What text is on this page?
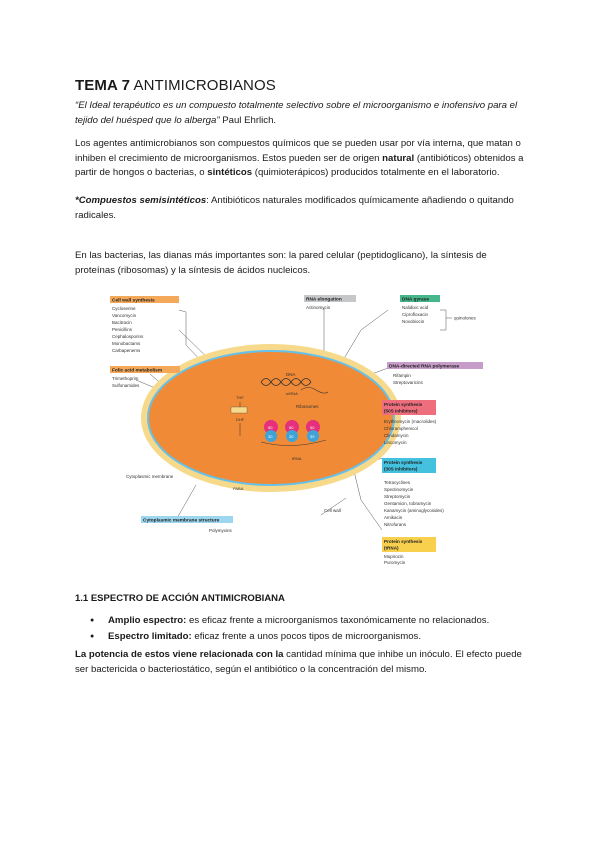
TEMA 7 ANTIMICROBIANOS
“El Ideal terapéutico es un compuesto totalmente selectivo sobre el microorganismo e inofensivo para el tejido del huésped que lo alberga” Paul Ehrlich.
Los agentes antimicrobianos son compuestos químicos que se pueden usar por vía interna, que matan o inhiben el crecimiento de microorganismos. Estos pueden ser de origen natural (antibióticos) obtenidos a partir de hongos o bacterias, o sintéticos (quimioterápicos) producidos totalmente en el laboratorio.
*Compuestos semisintéticos: Antibióticos naturales modificados químicamente añadiendo o quitando radicales.
En las bacterias, las dianas más importantes son: la pared celular (peptidoglicano), la síntesis de proteínas (ribosomas) y la síntesis de ácidos nucleicos.
DNA
mRNA
THF
DHF
PABA
Ribosomes
50
30
50
30
50
30
tRNA
Cell wall synthesis
Cycloserine
Vancomycin
Bacitracin
Penicillins
Cephalosporins
Monobactams
Carbapenems
Folic acid metabolism
Trimethoprim
Sulfonamides
RNA elongation
Actinomycin
DNA gyrase
Nalidixic acid
Ciprofloxacin
Novobiocin
quinolones
DNA-directed RNA polymerase
Rifampin
Streptovaricins
Protein synthesis
(50S inhibitors)
Erythromycin (macrolides)
Chloramphenicol
Clindamycin
Lincomycin
Protein synthesis
(30S inhibitors)
Tetracyclines
Spectinomycin
Streptomycin
Gentamicin, tobramycin
Kanamycin (aminoglycosides)
Amikacin
Nitrofurans
Protein synthesis
(tRNA)
Mupirocin
Puromycin
Cytoplasmic membrane structure
Polymyxins
Cytoplasmic membrane
Cell wall
1.1 ESPECTRO DE ACCIÓN ANTIMICROBIANA
● Amplio espectro: es eficaz frente a microorganismos taxonómicamente no relacionados.
● Espectro limitado: eficaz frente a unos pocos tipos de microorganismos.
La potencia de estos viene relacionada con la cantidad mínima que inhibe un inóculo. El efecto puede ser bactericida o bacteriostático, según el antibiótico o la concentración del mismo.
